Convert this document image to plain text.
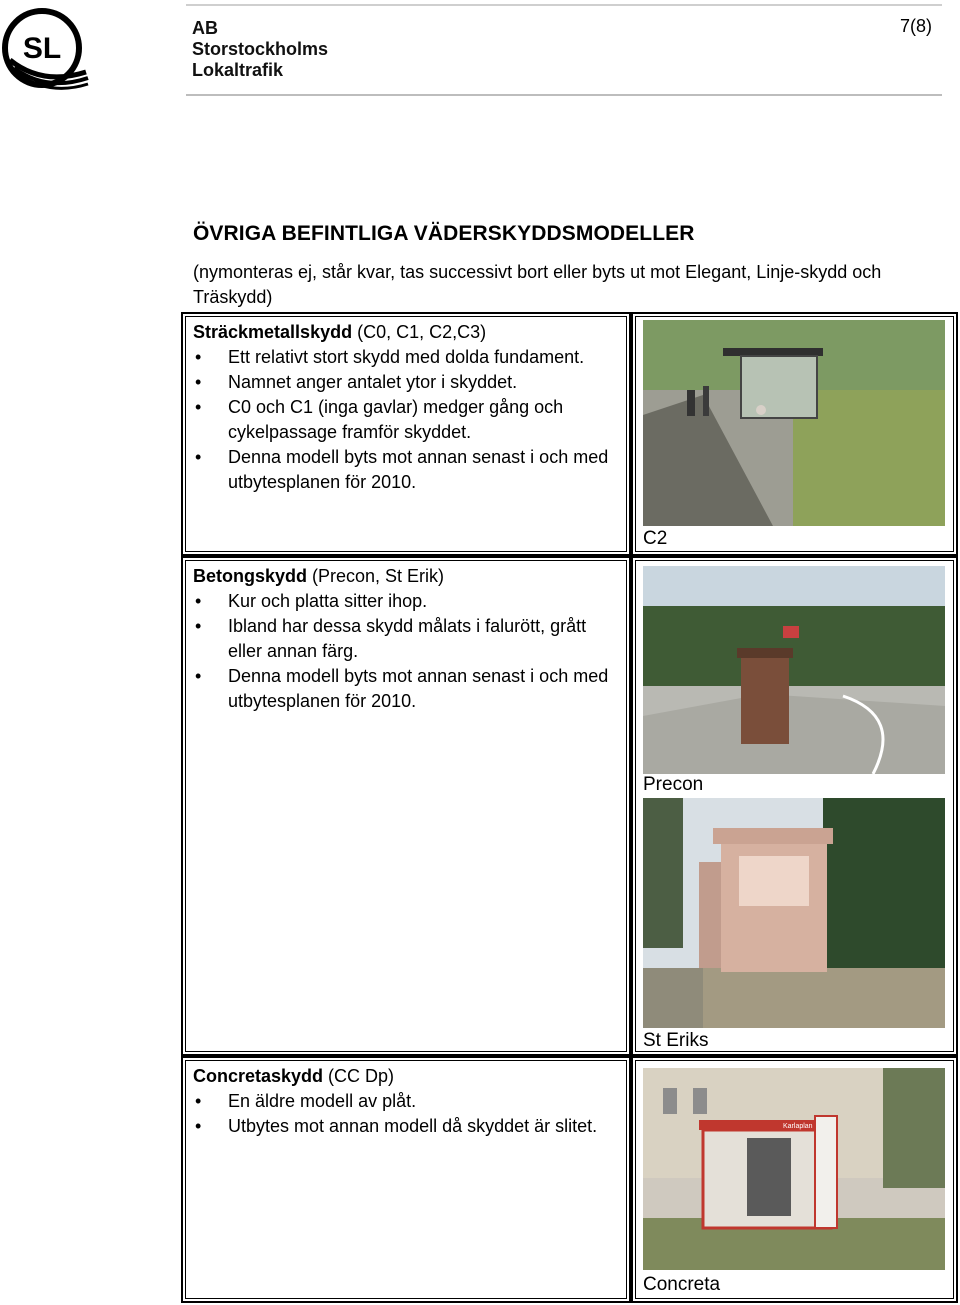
SL
AB
Storstockholms
Lokaltrafik
7(8)
ÖVRIGA BEFINTLIGA VÄDERSKYDDSMODELLER
(nymonteras ej, står kvar, tas successivt bort eller byts ut mot Elegant, Linje-skydd och Träskydd)
Sträckmetallskydd (C0, C1, C2,C3)
• Ett relativt stort skydd med dolda fundament.
• Namnet anger antalet ytor i skyddet.
• C0 och C1 (inga gavlar) medger gång och cykelpassage framför skyddet.
• Denna modell byts mot annan senast i och med utbytesplanen för 2010.
C2
Betongskydd (Precon, St Erik)
• Kur och platta sitter ihop.
• Ibland har dessa skydd målats i falurött, grått eller annan färg.
• Denna modell byts mot annan senast i och med utbytesplanen för 2010.
Precon
St Eriks
Concretaskydd (CC Dp)
• En äldre modell av plåt.
• Utbytes mot annan modell då skyddet är slitet.	Karlaplan
Concreta
